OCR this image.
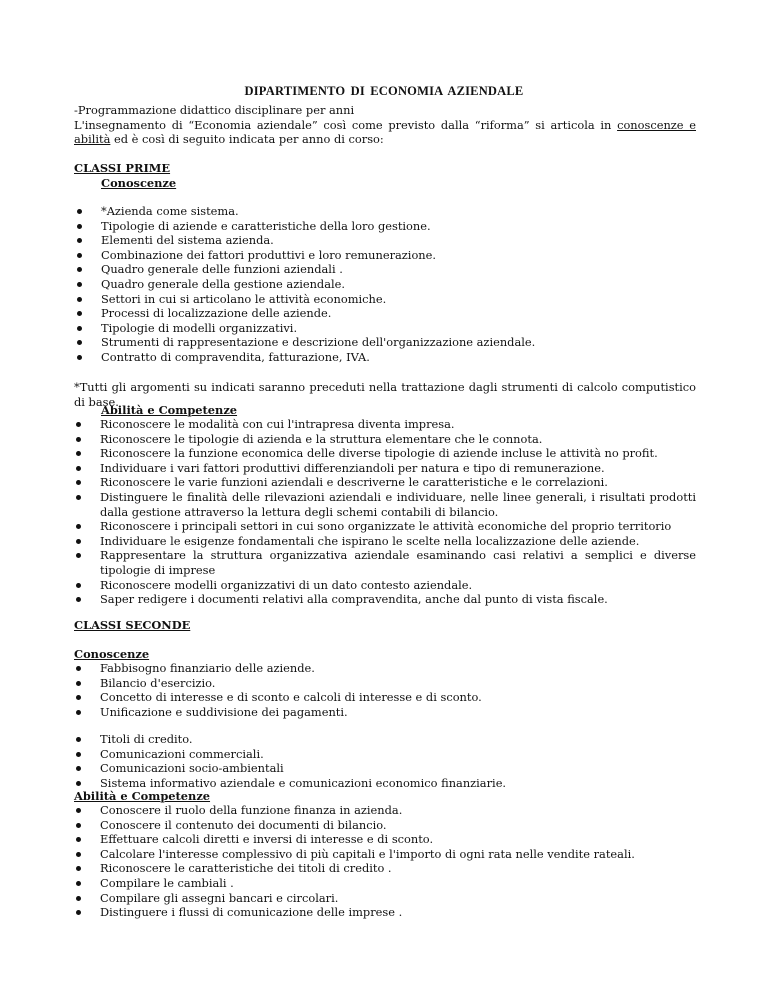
DIPARTIMENTO DI ECONOMIA AZIENDALE

-Programmazione didattico disciplinare per anni

L'insegnamento di “Economia aziendale” così come previsto dalla “riforma” si articola in conoscenze e abilità ed è così di seguito indicata per anno di corso:

CLASSI PRIME
Conoscenze
*Azienda come sistema.
Tipologie di aziende e caratteristiche della loro gestione.
Elementi del sistema azienda.
Combinazione dei fattori produttivi e loro remunerazione.
Quadro generale delle funzioni aziendali .
Quadro generale della gestione aziendale.
Settori in cui si articolano le attività economiche.
Processi di localizzazione delle aziende.
Tipologie di modelli organizzativi.
Strumenti di rappresentazione e descrizione dell'organizzazione aziendale.
Contratto di compravendita, fatturazione, IVA.
*Tutti gli argomenti su indicati saranno preceduti nella trattazione dagli strumenti di calcolo computistico di base.
Abilità e Competenze
Riconoscere le modalità con cui l'intrapresa diventa impresa.
Riconoscere le tipologie di azienda e la struttura elementare che le connota.
Riconoscere la funzione economica delle diverse tipologie di aziende incluse le attività no profit.
Individuare i vari fattori produttivi differenziandoli per natura e tipo di remunerazione.
Riconoscere le varie funzioni aziendali e descriverne le caratteristiche e le correlazioni.
Distinguere le finalità delle rilevazioni aziendali e individuare, nelle linee generali, i risultati prodotti dalla gestione attraverso la lettura degli schemi contabili di bilancio.
Riconoscere i principali settori in cui sono organizzate le attività economiche del proprio territorio
Individuare le esigenze fondamentali che ispirano le scelte nella localizzazione delle aziende.
Rappresentare la struttura organizzativa aziendale esaminando casi relativi a semplici e diverse tipologie di imprese
Riconoscere modelli organizzativi di un dato contesto aziendale.
Saper redigere i documenti relativi alla compravendita, anche dal punto di vista fiscale.
CLASSI SECONDE
Conoscenze
Fabbisogno finanziario delle aziende.
Bilancio d'esercizio.
Concetto di interesse e di sconto e calcoli di interesse e di sconto.
Unificazione e suddivisione dei pagamenti.
Titoli di credito.
Comunicazioni commerciali.
Comunicazioni socio-ambientali
Sistema informativo aziendale e comunicazioni economico finanziarie.
Abilità e Competenze
Conoscere il ruolo della funzione finanza in azienda.
Conoscere il contenuto dei documenti di bilancio.
Effettuare calcoli diretti e inversi di interesse e di sconto.
Calcolare l'interesse complessivo di più capitali e l'importo di ogni rata nelle vendite rateali.
Riconoscere le caratteristiche dei titoli di credito .
Compilare le cambiali .
Compilare gli assegni bancari e circolari.
Distinguere i flussi di comunicazione delle imprese .
